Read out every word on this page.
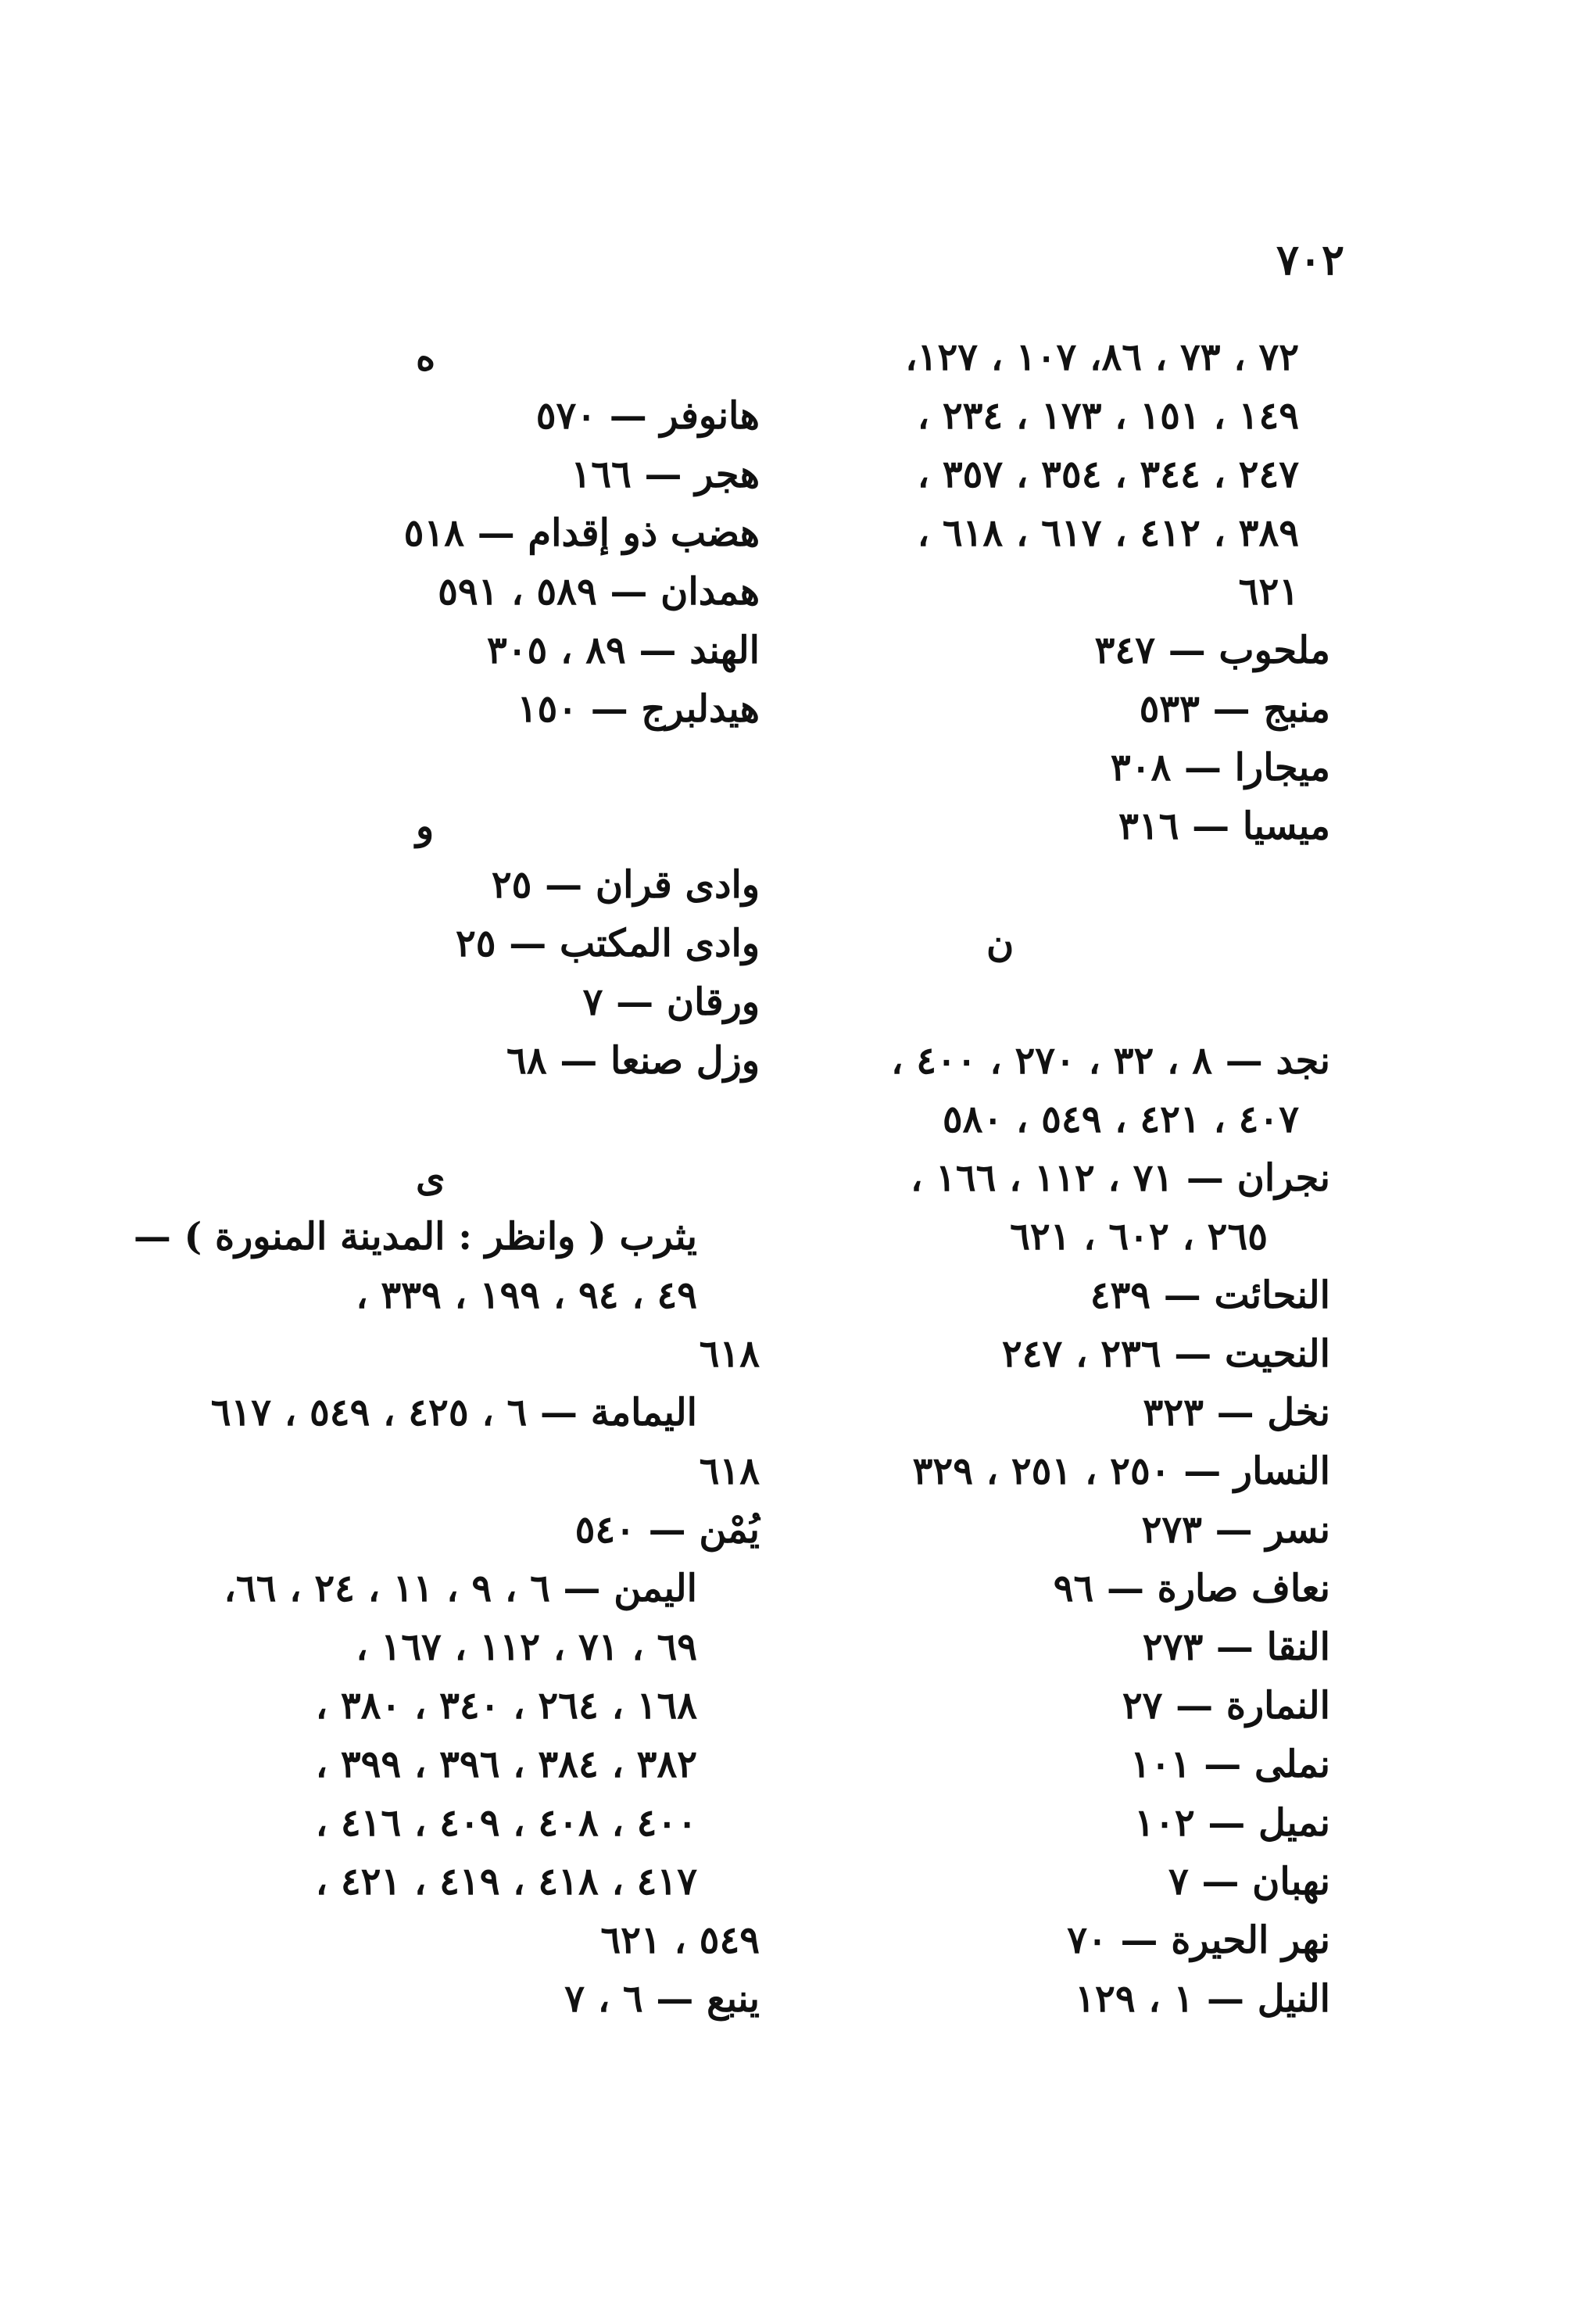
٧٠٢
٧٢ ، ٧٣ ، ٨٦، ١٠٧ ، ١٢٧،
١٤٩ ، ١٥١ ، ١٧٣ ، ٢٣٤ ،
٢٤٧ ، ٣٤٤ ، ٣٥٤ ، ٣٥٧ ،
٣٨٩ ، ٤١٢ ، ٦١٧ ، ٦١٨ ،
٦٢١
ملحوب — ٣٤٧
منبج — ٥٣٣
ميجارا — ٣٠٨
ميسيا — ٣١٦
ن
نجد — ٨ ، ٣٢ ، ٢٧٠ ، ٤٠٠ ،
٤٠٧ ، ٤٢١ ، ٥٤٩ ، ٥٨٠
نجران — ٧١ ، ١١٢ ، ١٦٦ ،
٢٦٥ ، ٦٠٢ ، ٦٢١
النحائت — ٤٣٩
النحيت — ٢٣٦ ، ٢٤٧
نخل — ٣٢٣
النسار — ٢٥٠ ، ٢٥١ ، ٣٢٩
نسر — ٢٧٣
نعاف صارة — ٩٦
النقا — ٢٧٣
النمارة — ٢٧
نملى — ١٠١
نميل — ١٠٢
نهبان — ٧
نهر الحيرة — ٧٠
النيل — ١ ، ١٢٩
ه
هانوفر — ٥٧٠
هجر — ١٦٦
هضب ذو إقدام — ٥١٨
همدان — ٥٨٩ ، ٥٩١
الهند — ٨٩ ، ٣٠٥
هيدلبرج — ١٥٠
و
وادى قران — ٢٥
وادى المكتب — ٢٥
ورقان — ٧
وزل صنعا — ٦٨
ى
يثرب ( وانظر : المدينة المنورة ) —
٤٩ ، ٩٤ ، ١٩٩ ، ٣٣٩ ،
٦١٨
اليمامة — ٦ ، ٤٢٥ ، ٥٤٩ ، ٦١٧
٦١٨
يُمْن — ٥٤٠
اليمن — ٦ ، ٩ ، ١١ ، ٢٤ ، ٦٦،
٦٩ ، ٧١ ، ١١٢ ، ١٦٧ ،
١٦٨ ، ٢٦٤ ، ٣٤٠ ، ٣٨٠ ،
٣٨٢ ، ٣٨٤ ، ٣٩٦ ، ٣٩٩ ،
٤٠٠ ، ٤٠٨ ، ٤٠٩ ، ٤١٦ ،
٤١٧ ، ٤١٨ ، ٤١٩ ، ٤٢١ ،
٥٤٩ ، ٦٢١
ينبع — ٦ ، ٧
